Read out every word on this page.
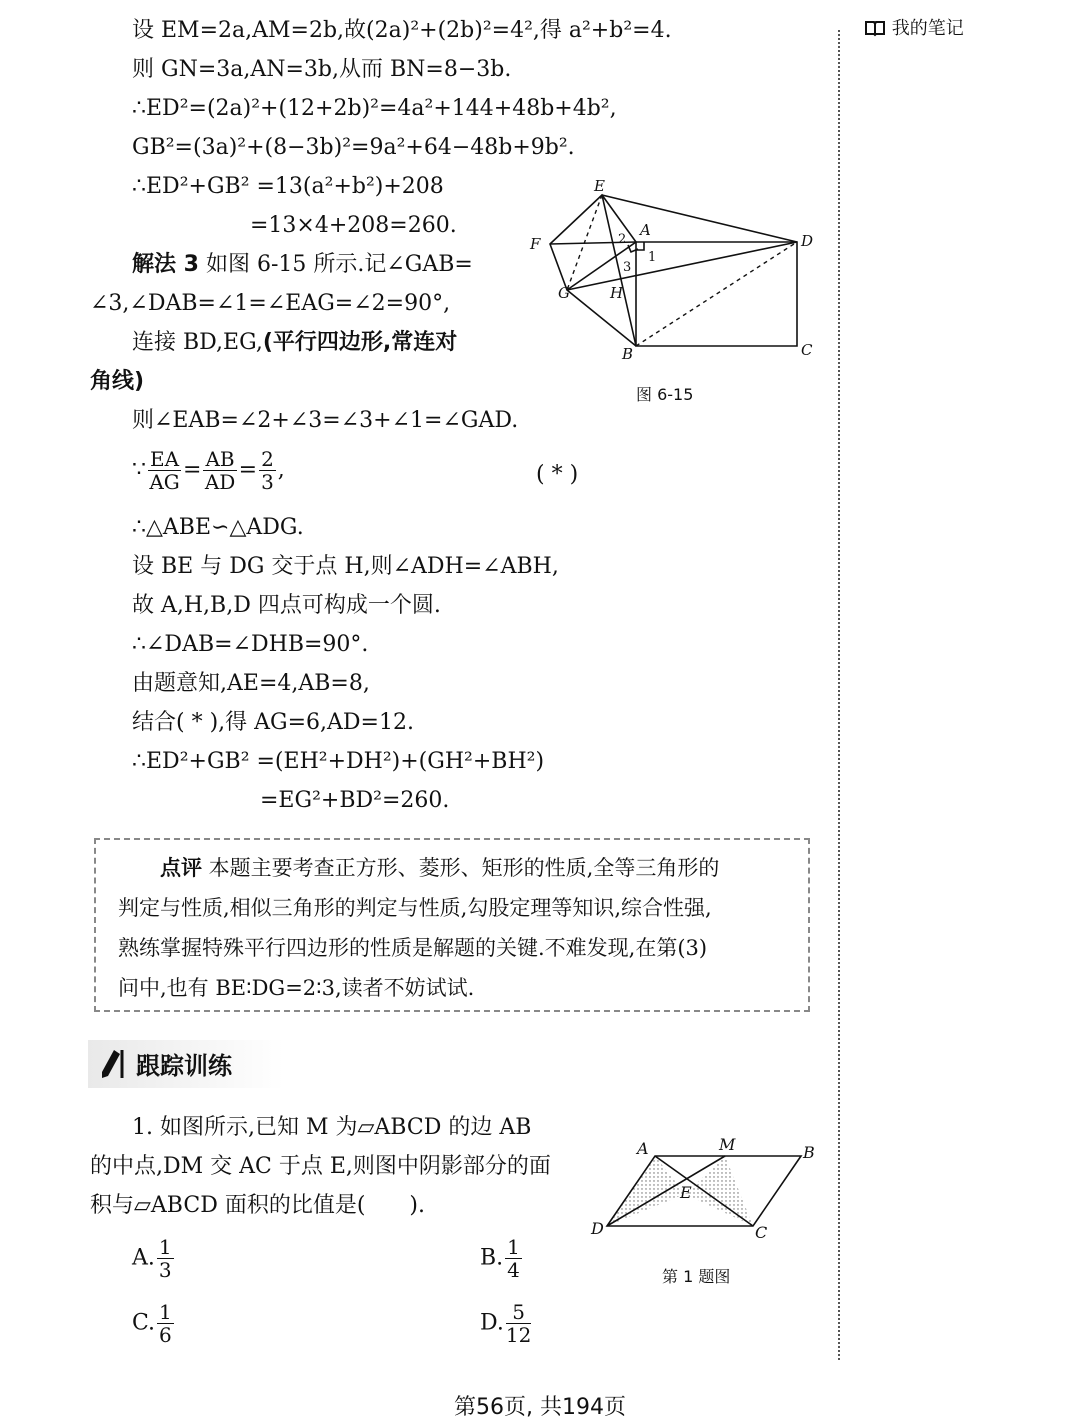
我的笔记
设 EM=2a,AM=2b,故(2a)²+(2b)²=4²,得 a²+b²=4.
则 GN=3a,AN=3b,从而 BN=8−3b.
∴ED²=(2a)²+(12+2b)²=4a²+144+48b+4b²,
GB²=(3a)²+(8−3b)²=9a²+64−48b+9b².
∴ED²+GB² =13(a²+b²)+208
=13×4+208=260.
解法 3 如图 6-15 所示.记∠GAB=
∠3,∠DAB=∠1=∠EAG=∠2=90°,
连接 BD,EG,(平行四边形,常连对
角线)
则∠EAB=∠2+∠3=∠3+∠1=∠GAD.
∵ $\frac{EA}{AG} = \frac{AB}{AD} = \frac{2}{3}$ ,	( * )
∴△ABE∽△ADG.
设 BE 与 DG 交于点 H,则∠ADH=∠ABH,
故 A,H,B,D 四点可构成一个圆.
∴∠DAB=∠DHB=90°.
由题意知,AE=4,AB=8,
结合( * ),得 AG=6,AD=12.
∴ED²+GB² =(EH²+DH²)+(GH²+BH²)
=EG²+BD²=260.
E
A
F	D
G	H
B	C
1
2
3
图 6-15
点评 本题主要考查正方形、菱形、矩形的性质,全等三角形的
判定与性质,相似三角形的判定与性质,勾股定理等知识,综合性强,
熟练掌握特殊平行四边形的性质是解题的关键.不难发现,在第(3)
问中,也有 BE∶DG=2∶3,读者不妨试试.
跟踪训练
1. 如图所示,已知 M 为▱ABCD 的边 AB
的中点,DM 交 AC 于点 E,则图中阴影部分的面
积与▱ABCD 面积的比值是(　　).
A. $\frac{1}{3}$	B. $\frac{1}{4}$
C. $\frac{1}{6}$	D. $\frac{5}{12}$
A	M	B
E
D	C
第 1 题图
第56页, 共194页
